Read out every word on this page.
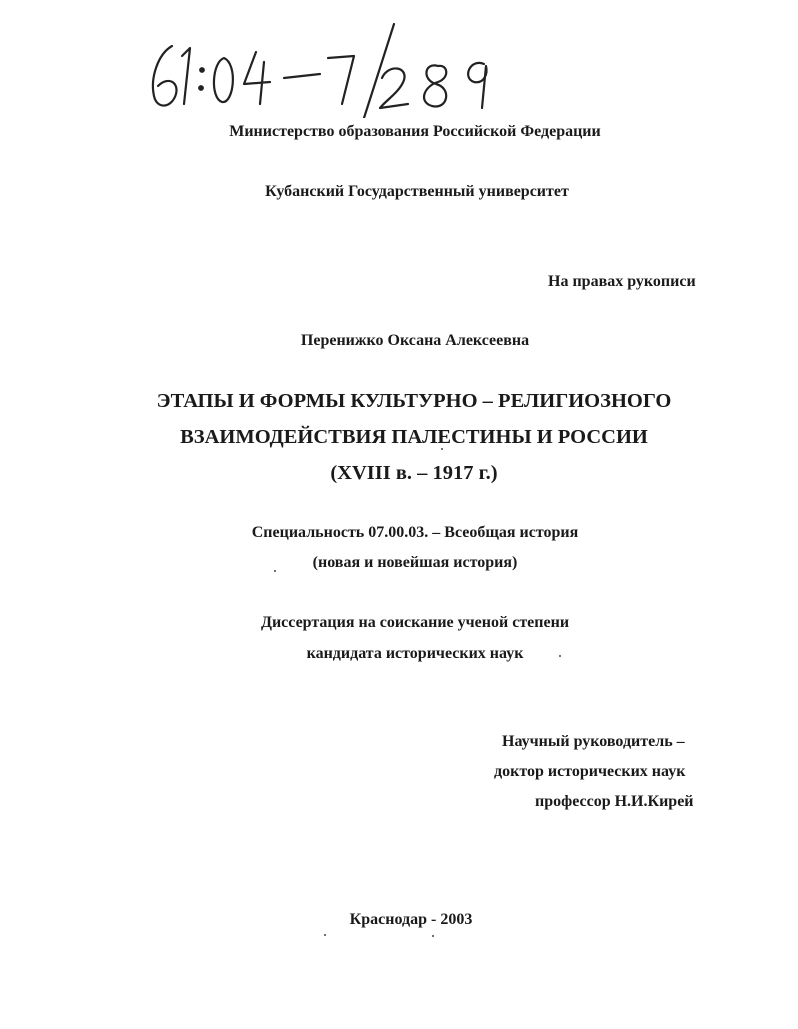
Министерство образования Российской Федерации
Кубанский Государственный университет
На правах рукописи
Перенижко Оксана Алексеевна
ЭТАПЫ И ФОРМЫ КУЛЬТУРНО – РЕЛИГИОЗНОГО
ВЗАИМОДЕЙСТВИЯ ПАЛЕСТИНЫ И РОССИИ
(XVIII в. – 1917 г.)
Специальность 07.00.03. – Всеобщая история
(новая и новейшая история)
Диссертация на соискание ученой степени
кандидата исторических наук
Научный руководитель –
доктор исторических наук
профессор Н.И.Кирей
Краснодар - 2003
